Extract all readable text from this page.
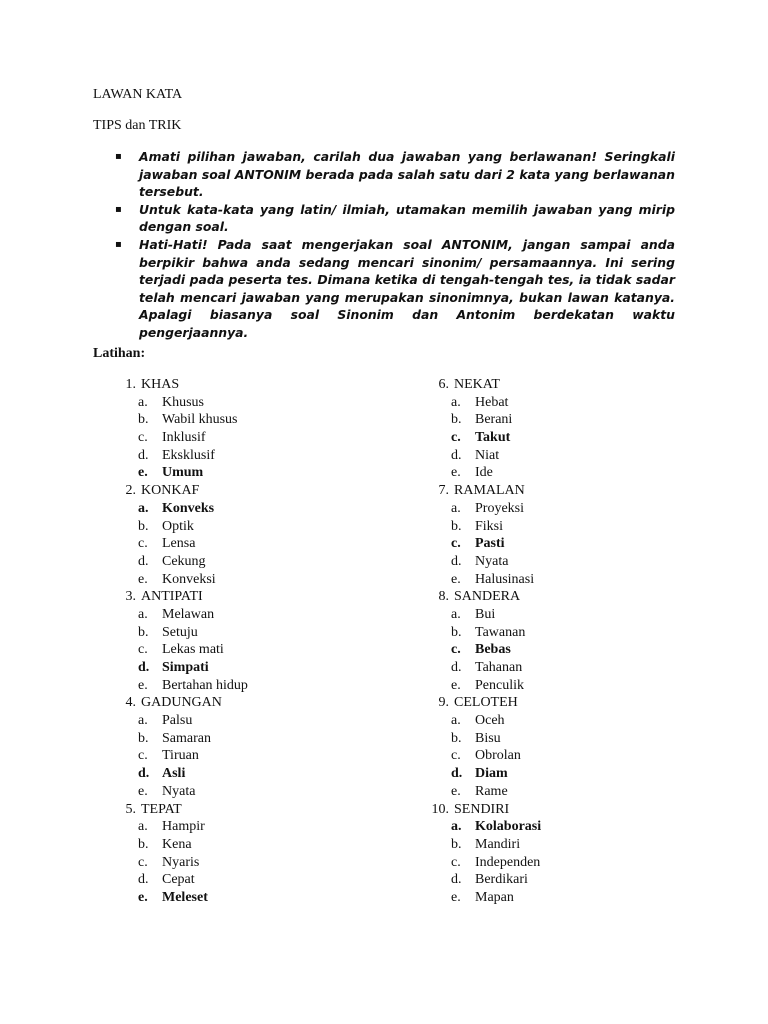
LAWAN KATA
TIPS dan TRIK
▪ Amati pilihan jawaban, carilah dua jawaban yang berlawanan! Seringkali jawaban soal ANTONIM berada pada salah satu dari 2 kata yang berlawanan tersebut.
▪ Untuk kata-kata yang latin/ ilmiah, utamakan memilih jawaban yang mirip dengan soal.
▪ Hati-Hati! Pada saat mengerjakan soal ANTONIM, jangan sampai anda berpikir bahwa anda sedang mencari sinonim/ persamaannya. Ini sering terjadi pada peserta tes. Dimana ketika di tengah-tengah tes, ia tidak sadar telah mencari jawaban yang merupakan sinonimnya, bukan lawan katanya. Apalagi biasanya soal Sinonim dan Antonim berdekatan waktu pengerjaannya.
Latihan:
1. KHAS
a.	Khusus
b. Wabil khusus
c.	Inklusif
d. Eksklusif
e.	Umum
2. KONKAF
a. Konveks
b. Optik
c.	Lensa
d. Cekung
e.	Konveksi
3. ANTIPATI
a.	Melawan
b. Setuju
c.	Lekas mati
d. Simpati
e.	Bertahan hidup
4. GADUNGAN
a.	Palsu
b. Samaran
c.	Tiruan
d. Asli
e.	Nyata
5. TEPAT
a.	Hampir
b. Kena
c.	Nyaris
d. Cepat
e.	Meleset
6. NEKAT
a.	Hebat
b. Berani
c.	Takut
d. Niat
e.	Ide
7. RAMALAN
a.	Proyeksi
b. Fiksi
c.	Pasti
d. Nyata
e.	Halusinasi
8. SANDERA
a.	Bui
b. Tawanan
c.	Bebas
d. Tahanan
e.	Penculik
9. CELOTEH
a.	Oceh
b. Bisu
c.	Obrolan
d. Diam
e.	Rame
10. SENDIRI
a. Kolaborasi
b. Mandiri
c.	Independen
d. Berdikari
e.	Mapan
